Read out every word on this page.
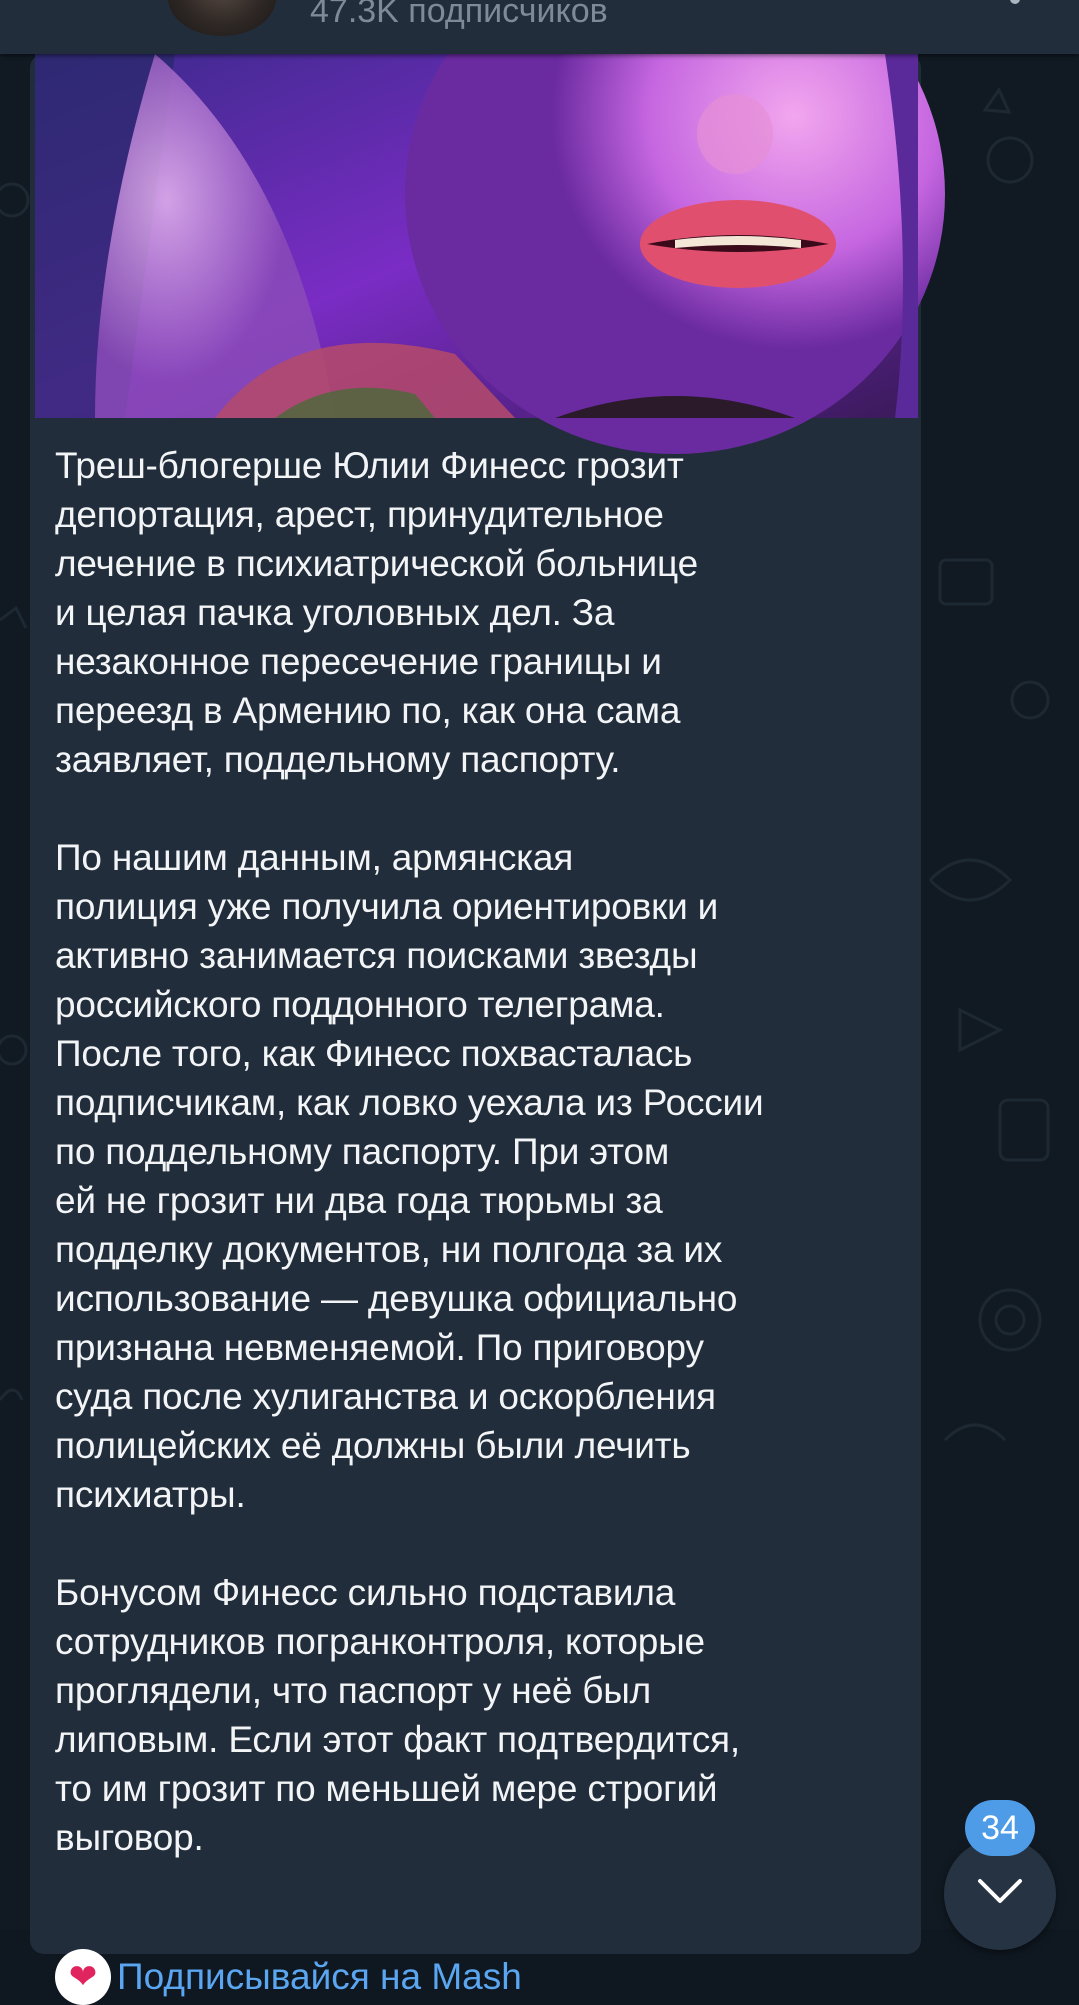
47.3K подписчиков

Треш-блогерше Юлии Финесс грозит
депортация, арест, принудительное
лечение в психиатрической больнице
и целая пачка уголовных дел. За
незаконное пересечение границы и
переезд в Армению по, как она сама
заявляет, поддельному паспорту.

По нашим данным, армянская
полиция уже получила ориентировки и
активно занимается поисками звезды
российского поддонного телеграма.
После того, как Финесс похвасталась
подписчикам, как ловко уехала из России
по поддельному паспорту. При этом
ей не грозит ни два года тюрьмы за
подделку документов, ни полгода за их
использование — девушка официально
признана невменяемой. По приговору
суда после хулиганства и оскорбления
полицейских её должны были лечить
психиатры.

Бонусом Финесс сильно подставила
сотрудников погранконтроля, которые
проглядели, что паспорт у неё был
липовым. Если этот факт подтвердится,
то им грозит по меньшей мере строгий
выговор.

❤ Подписывайся на Mash
34
